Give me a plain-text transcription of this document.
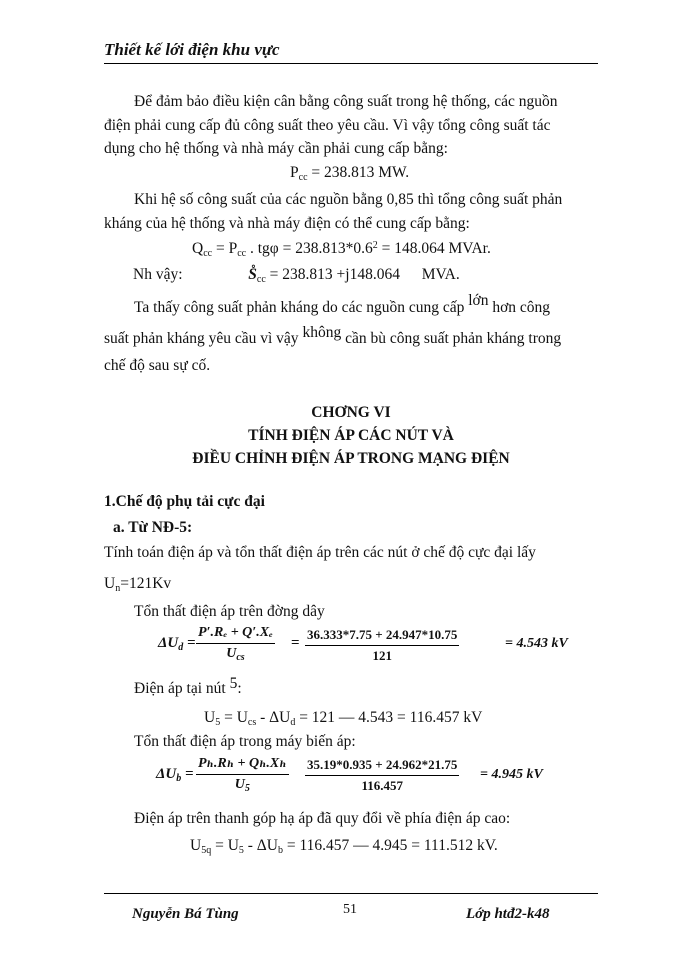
Thiết kế lới điện khu vực
Để đảm bảo điều kiện cân bằng công suất trong hệ thống, các nguồn
điện phải cung cấp đủ công suất theo yêu cầu. Vì vậy tổng công suất tác
dụng cho hệ thống và nhà máy cần phải cung cấp bằng:
Pcc = 238.813 MW.
Khi hệ số công suất của các nguồn bằng 0,85 thì tổng công suất phản
kháng của hệ thống và nhà máy điện có thể cung cấp bằng:
Qcc = Pcc . $tg\varphi = 238.813*0.6^2 = 148.064$ MVAr.
Nh vậy:	S̊cc = 238.813 +j148.064 MVA.
Ta thấy công suất phản kháng do các nguồn cung cấp lớn hơn công
suất phản kháng yêu cầu vì vậy không cần bù công suất phản kháng trong
chế độ sau sự cố.
CHƠNG VI
TÍNH ĐIỆN ÁP CÁC NÚT VÀ
ĐIỀU CHỈNH ĐIỆN ÁP TRONG MẠNG ĐIỆN
1.Chế độ phụ tải cực đại
a. Từ NĐ-5:
Tính toán điện áp và tổn thất điện áp trên các nút ở chế độ cực đại lấy
Un=121Kv
Tổn thất điện áp trên đờng dây
$\Delta U_d$ =
P′.Rₑ + Q′.Xₑ
$U_{cs}$
= $\frac{36.333*7.75 + 24.947*10.75}{121}$	= 4.543 kV
Điện áp tại nút 5:
U5 = Ucs - ΔUd = 121 — 4.543 = 116.457 kV
Tổn thất điện áp trong máy biến áp:
$\Delta U_b = \frac{\text{Pₕ.Rₕ + Qₕ.Xₕ}}{U_5} \frac{35.19*0.935 + 24.962*21.75}{116.457} = 4.945$ kV
Điện áp trên thanh góp hạ áp đã quy đổi về phía điện áp cao:
U5q = U5 - ΔUb = 116.457 — 4.945 = 111.512 kV.
Nguyễn Bá Tùng	51	Lớp htđ2-k48
